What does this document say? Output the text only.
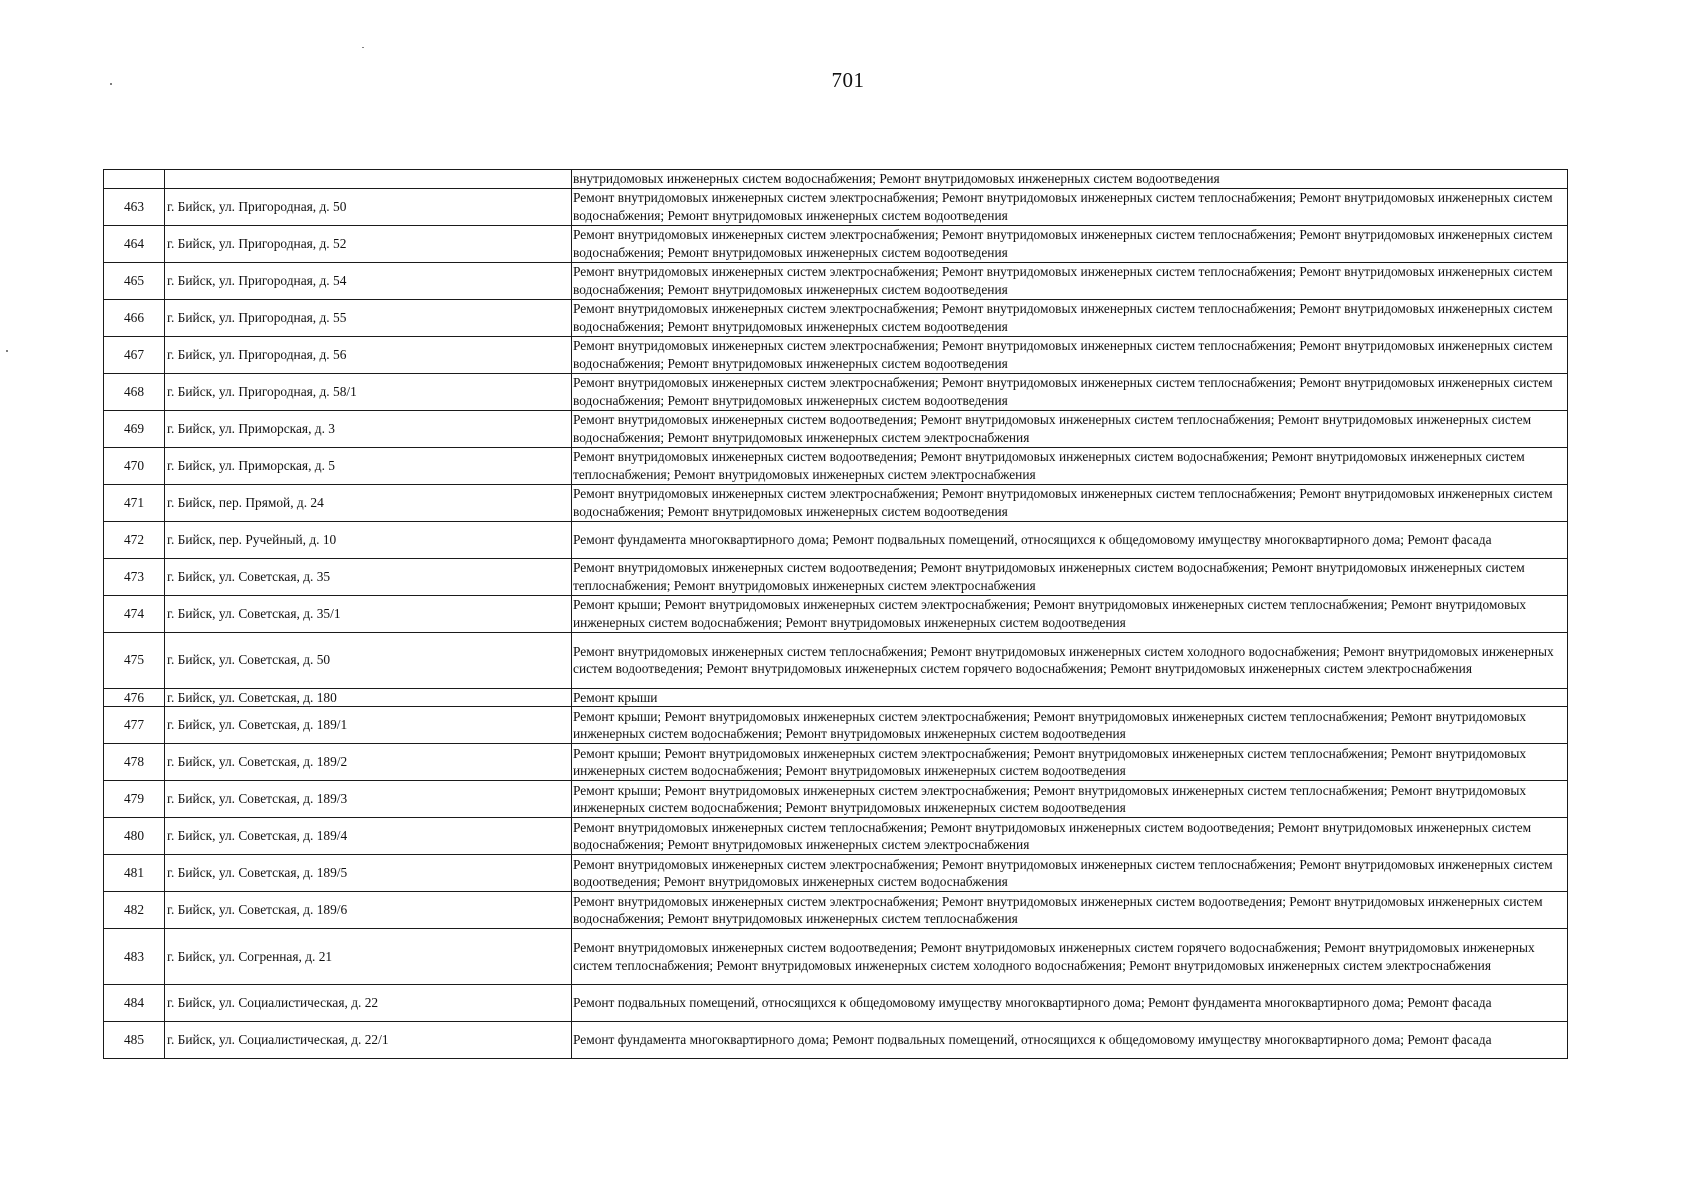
701
		внутридомовых инженерных систем водоснабжения; Ремонт внутридомовых инженерных систем водоотведения
463	г. Бийск, ул. Пригородная, д. 50	Ремонт внутридомовых инженерных систем электроснабжения; Ремонт внутридомовых инженерных систем теплоснабжения; Ремонт внутридомовых инженерных систем водоснабжения; Ремонт внутридомовых инженерных систем водоотведения
464	г. Бийск, ул. Пригородная, д. 52	Ремонт внутридомовых инженерных систем электроснабжения; Ремонт внутридомовых инженерных систем теплоснабжения; Ремонт внутридомовых инженерных систем водоснабжения; Ремонт внутридомовых инженерных систем водоотведения
465	г. Бийск, ул. Пригородная, д. 54	Ремонт внутридомовых инженерных систем электроснабжения; Ремонт внутридомовых инженерных систем теплоснабжения; Ремонт внутридомовых инженерных систем водоснабжения; Ремонт внутридомовых инженерных систем водоотведения
466	г. Бийск, ул. Пригородная, д. 55	Ремонт внутридомовых инженерных систем электроснабжения; Ремонт внутридомовых инженерных систем теплоснабжения; Ремонт внутридомовых инженерных систем водоснабжения; Ремонт внутридомовых инженерных систем водоотведения
467	г. Бийск, ул. Пригородная, д. 56	Ремонт внутридомовых инженерных систем электроснабжения; Ремонт внутридомовых инженерных систем теплоснабжения; Ремонт внутридомовых инженерных систем водоснабжения; Ремонт внутридомовых инженерных систем водоотведения
468	г. Бийск, ул. Пригородная, д. 58/1	Ремонт внутридомовых инженерных систем электроснабжения; Ремонт внутридомовых инженерных систем теплоснабжения; Ремонт внутридомовых инженерных систем водоснабжения; Ремонт внутридомовых инженерных систем водоотведения
469	г. Бийск, ул. Приморская, д. 3	Ремонт внутридомовых инженерных систем водоотведения; Ремонт внутридомовых инженерных систем теплоснабжения; Ремонт внутридомовых инженерных систем водоснабжения; Ремонт внутридомовых инженерных систем электроснабжения
470	г. Бийск, ул. Приморская, д. 5	Ремонт внутридомовых инженерных систем водоотведения; Ремонт внутридомовых инженерных систем водоснабжения; Ремонт внутридомовых инженерных систем теплоснабжения; Ремонт внутридомовых инженерных систем электроснабжения
471	г. Бийск, пер. Прямой, д. 24	Ремонт внутридомовых инженерных систем электроснабжения; Ремонт внутридомовых инженерных систем теплоснабжения; Ремонт внутридомовых инженерных систем водоснабжения; Ремонт внутридомовых инженерных систем водоотведения
472	г. Бийск, пер. Ручейный, д. 10	Ремонт фундамента многоквартирного дома; Ремонт подвальных помещений, относящихся к общедомовому имуществу многоквартирного дома; Ремонт фасада
473	г. Бийск, ул. Советская, д. 35	Ремонт внутридомовых инженерных систем водоотведения; Ремонт внутридомовых инженерных систем водоснабжения; Ремонт внутридомовых инженерных систем теплоснабжения; Ремонт внутридомовых инженерных систем электроснабжения
474	г. Бийск, ул. Советская, д. 35/1	Ремонт крыши; Ремонт внутридомовых инженерных систем электроснабжения; Ремонт внутридомовых инженерных систем теплоснабжения; Ремонт внутридомовых инженерных систем водоснабжения; Ремонт внутридомовых инженерных систем водоотведения
475	г. Бийск, ул. Советская, д. 50	Ремонт внутридомовых инженерных систем теплоснабжения; Ремонт внутридомовых инженерных систем холодного водоснабжения; Ремонт внутридомовых инженерных систем водоотведения; Ремонт внутридомовых инженерных систем горячего водоснабжения; Ремонт внутридомовых инженерных систем электроснабжения
476	г. Бийск, ул. Советская, д. 180	Ремонт крыши
477	г. Бийск, ул. Советская, д. 189/1	Ремонт крыши; Ремонт внутридомовых инженерных систем электроснабжения; Ремонт внутридомовых инженерных систем теплоснабжения; Ремонт внутридомовых инженерных систем водоснабжения; Ремонт внутридомовых инженерных систем водоотведения
478	г. Бийск, ул. Советская, д. 189/2	Ремонт крыши; Ремонт внутридомовых инженерных систем электроснабжения; Ремонт внутридомовых инженерных систем теплоснабжения; Ремонт внутридомовых инженерных систем водоснабжения; Ремонт внутридомовых инженерных систем водоотведения
479	г. Бийск, ул. Советская, д. 189/3	Ремонт крыши; Ремонт внутридомовых инженерных систем электроснабжения; Ремонт внутридомовых инженерных систем теплоснабжения; Ремонт внутридомовых инженерных систем водоснабжения; Ремонт внутридомовых инженерных систем водоотведения
480	г. Бийск, ул. Советская, д. 189/4	Ремонт внутридомовых инженерных систем теплоснабжения; Ремонт внутридомовых инженерных систем водоотведения; Ремонт внутридомовых инженерных систем водоснабжения; Ремонт внутридомовых инженерных систем электроснабжения
481	г. Бийск, ул. Советская, д. 189/5	Ремонт внутридомовых инженерных систем электроснабжения; Ремонт внутридомовых инженерных систем теплоснабжения; Ремонт внутридомовых инженерных систем водоотведения; Ремонт внутридомовых инженерных систем водоснабжения
482	г. Бийск, ул. Советская, д. 189/6	Ремонт внутридомовых инженерных систем электроснабжения; Ремонт внутридомовых инженерных систем водоотведения; Ремонт внутридомовых инженерных систем водоснабжения; Ремонт внутридомовых инженерных систем теплоснабжения
483	г. Бийск, ул. Согренная, д. 21	Ремонт внутридомовых инженерных систем водоотведения; Ремонт внутридомовых инженерных систем горячего водоснабжения; Ремонт внутридомовых инженерных систем теплоснабжения; Ремонт внутридомовых инженерных систем холодного водоснабжения; Ремонт внутридомовых инженерных систем электроснабжения
484	г. Бийск, ул. Социалистическая, д. 22	Ремонт подвальных помещений, относящихся к общедомовому имуществу многоквартирного дома; Ремонт фундамента многоквартирного дома; Ремонт фасада
485	г. Бийск, ул. Социалистическая, д. 22/1	Ремонт фундамента многоквартирного дома; Ремонт подвальных помещений, относящихся к общедомовому имуществу многоквартирного дома; Ремонт фасада
